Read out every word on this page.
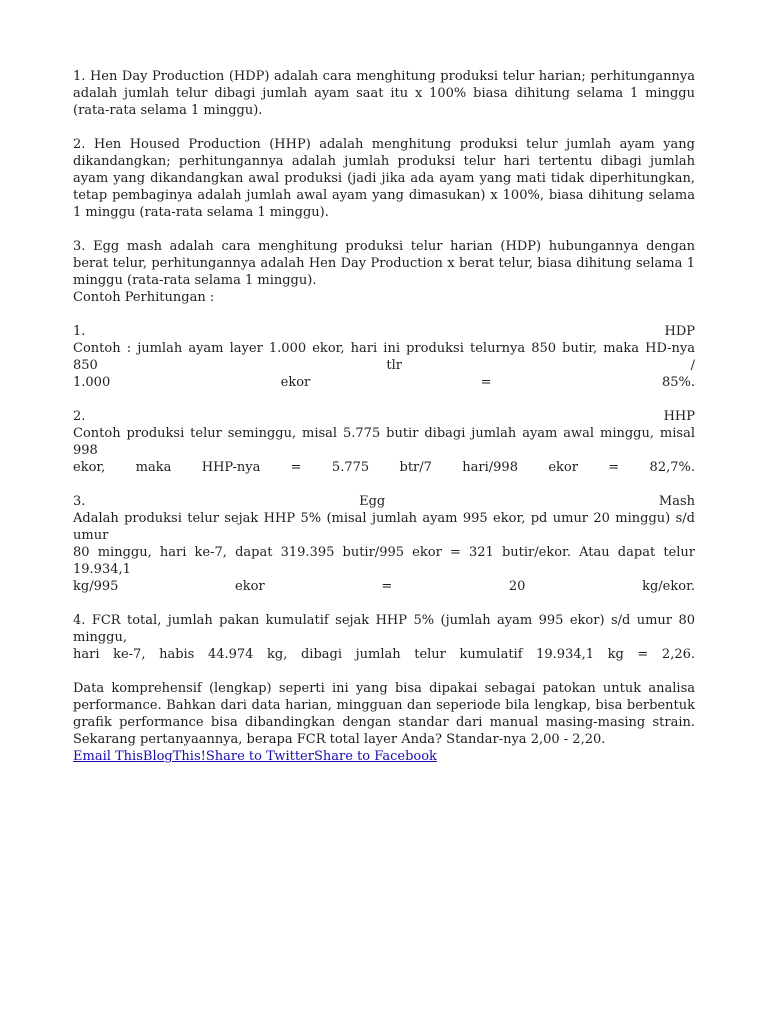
1. Hen Day Production (HDP) adalah cara menghitung produksi telur harian; perhitungannya adalah jumlah telur dibagi jumlah ayam saat itu x 100% biasa dihitung selama 1 minggu (rata-rata selama 1 minggu).

2. Hen Housed Production (HHP) adalah menghitung produksi telur jumlah ayam yang dikandangkan; perhitungannya adalah jumlah produksi telur hari tertentu dibagi jumlah ayam yang dikandangkan awal produksi (jadi jika ada ayam yang mati tidak diperhitungkan, tetap pembaginya adalah jumlah awal ayam yang dimasukan) x 100%, biasa dihitung selama 1 minggu (rata-rata selama 1 minggu).

3. Egg mash adalah cara menghitung produksi telur harian (HDP) hubungannya dengan berat telur, perhitungannya adalah Hen Day Production x berat telur, biasa dihitung selama 1 minggu (rata-rata selama 1 minggu).

Contoh Perhitungan :

1. HDP
Contoh : jumlah ayam layer 1.000 ekor, hari ini produksi telurnya 850 butir, maka HD-nya 850 tlr /
1.000 ekor = 85%.
2. HHP
Contoh produksi telur seminggu, misal 5.775 butir dibagi jumlah ayam awal minggu, misal 998
ekor, maka HHP-nya = 5.775 btr/7 hari/998 ekor = 82,7%.
3. Egg Mash
Adalah produksi telur sejak HHP 5% (misal jumlah ayam 995 ekor, pd umur 20 minggu) s/d umur
80 minggu, hari ke-7, dapat 319.395 butir/995 ekor = 321 butir/ekor. Atau dapat telur 19.934,1
kg/995 ekor = 20 kg/ekor.
4. FCR total, jumlah pakan kumulatif sejak HHP 5% (jumlah ayam 995 ekor) s/d umur 80 minggu,
hari ke-7, habis 44.974 kg, dibagi jumlah telur kumulatif 19.934,1 kg = 2,26.

Data komprehensif (lengkap) seperti ini yang bisa dipakai sebagai patokan untuk analisa performance. Bahkan dari data harian, mingguan dan seperiode bila lengkap, bisa berbentuk grafik performance bisa dibandingkan dengan standar dari manual masing-masing strain. Sekarang pertanyaannya, berapa FCR total layer Anda? Standar-nya 2,00 - 2,20.

Email ThisBlogThis!Share to TwitterShare to Facebook
